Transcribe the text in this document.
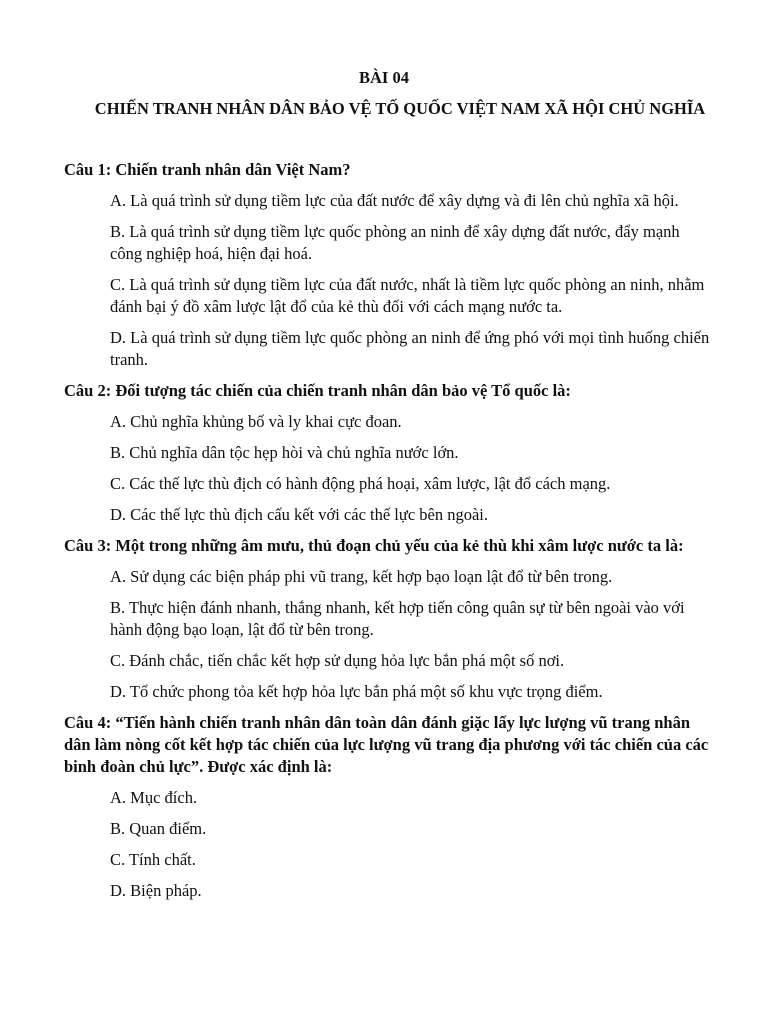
BÀI 04
CHIẾN TRANH NHÂN DÂN BẢO VỆ TỐ QUỐC VIỆT NAM XÃ HỘI CHỦ NGHĨA

Câu 1: Chiến tranh nhân dân Việt Nam?

A. Là quá trình sử dụng tiềm lực của đất nước để xây dựng và đi lên chủ nghĩa xã hội.

B. Là quá trình sử dụng tiềm lực quốc phòng an ninh để xây dựng đất nước, đẩy mạnh công nghiệp hoá, hiện đại hoá.

C. Là quá trình sử dụng tiềm lực của đất nước, nhất là tiềm lực quốc phòng an ninh, nhằm đánh bại ý đồ xâm lược lật đổ của kẻ thù đối với cách mạng nước ta.

D. Là quá trình sử dụng tiềm lực quốc phòng an ninh để ứng phó với mọi tình huống chiến tranh.

Câu 2: Đối tượng tác chiến của chiến tranh nhân dân bảo vệ Tổ quốc là:

A. Chủ nghĩa khủng bố và ly khai cực đoan.

B. Chủ nghĩa dân tộc hẹp hòi và chủ nghĩa nước lớn.

C. Các thế lực thù địch có hành động phá hoại, xâm lược, lật đổ cách mạng.

D. Các thế lực thù địch cấu kết với các thế lực bên ngoài.

Câu 3: Một trong những âm mưu, thủ đoạn chủ yếu của kẻ thù khi xâm lược nước ta là:

A. Sử dụng các biện pháp phi vũ trang, kết hợp bạo loạn lật đổ từ bên trong.

B. Thực hiện đánh nhanh, thắng nhanh, kết hợp tiến công quân sự từ bên ngoài vào với hành động bạo loạn, lật đổ từ bên trong.

C. Đánh chắc, tiến chắc kết hợp sử dụng hỏa lực bắn phá một số nơi.

D. Tổ chức phong tỏa kết hợp hỏa lực bắn phá một số khu vực trọng điểm.

Câu 4: “Tiến hành chiến tranh nhân dân toàn dân đánh giặc lấy lực lượng vũ trang nhân dân làm nòng cốt kết hợp tác chiến của lực lượng vũ trang địa phương với tác chiến của các binh đoàn chủ lực”. Được xác định là:

A. Mục đích.

B. Quan điểm.

C. Tính chất.

D. Biện pháp.
